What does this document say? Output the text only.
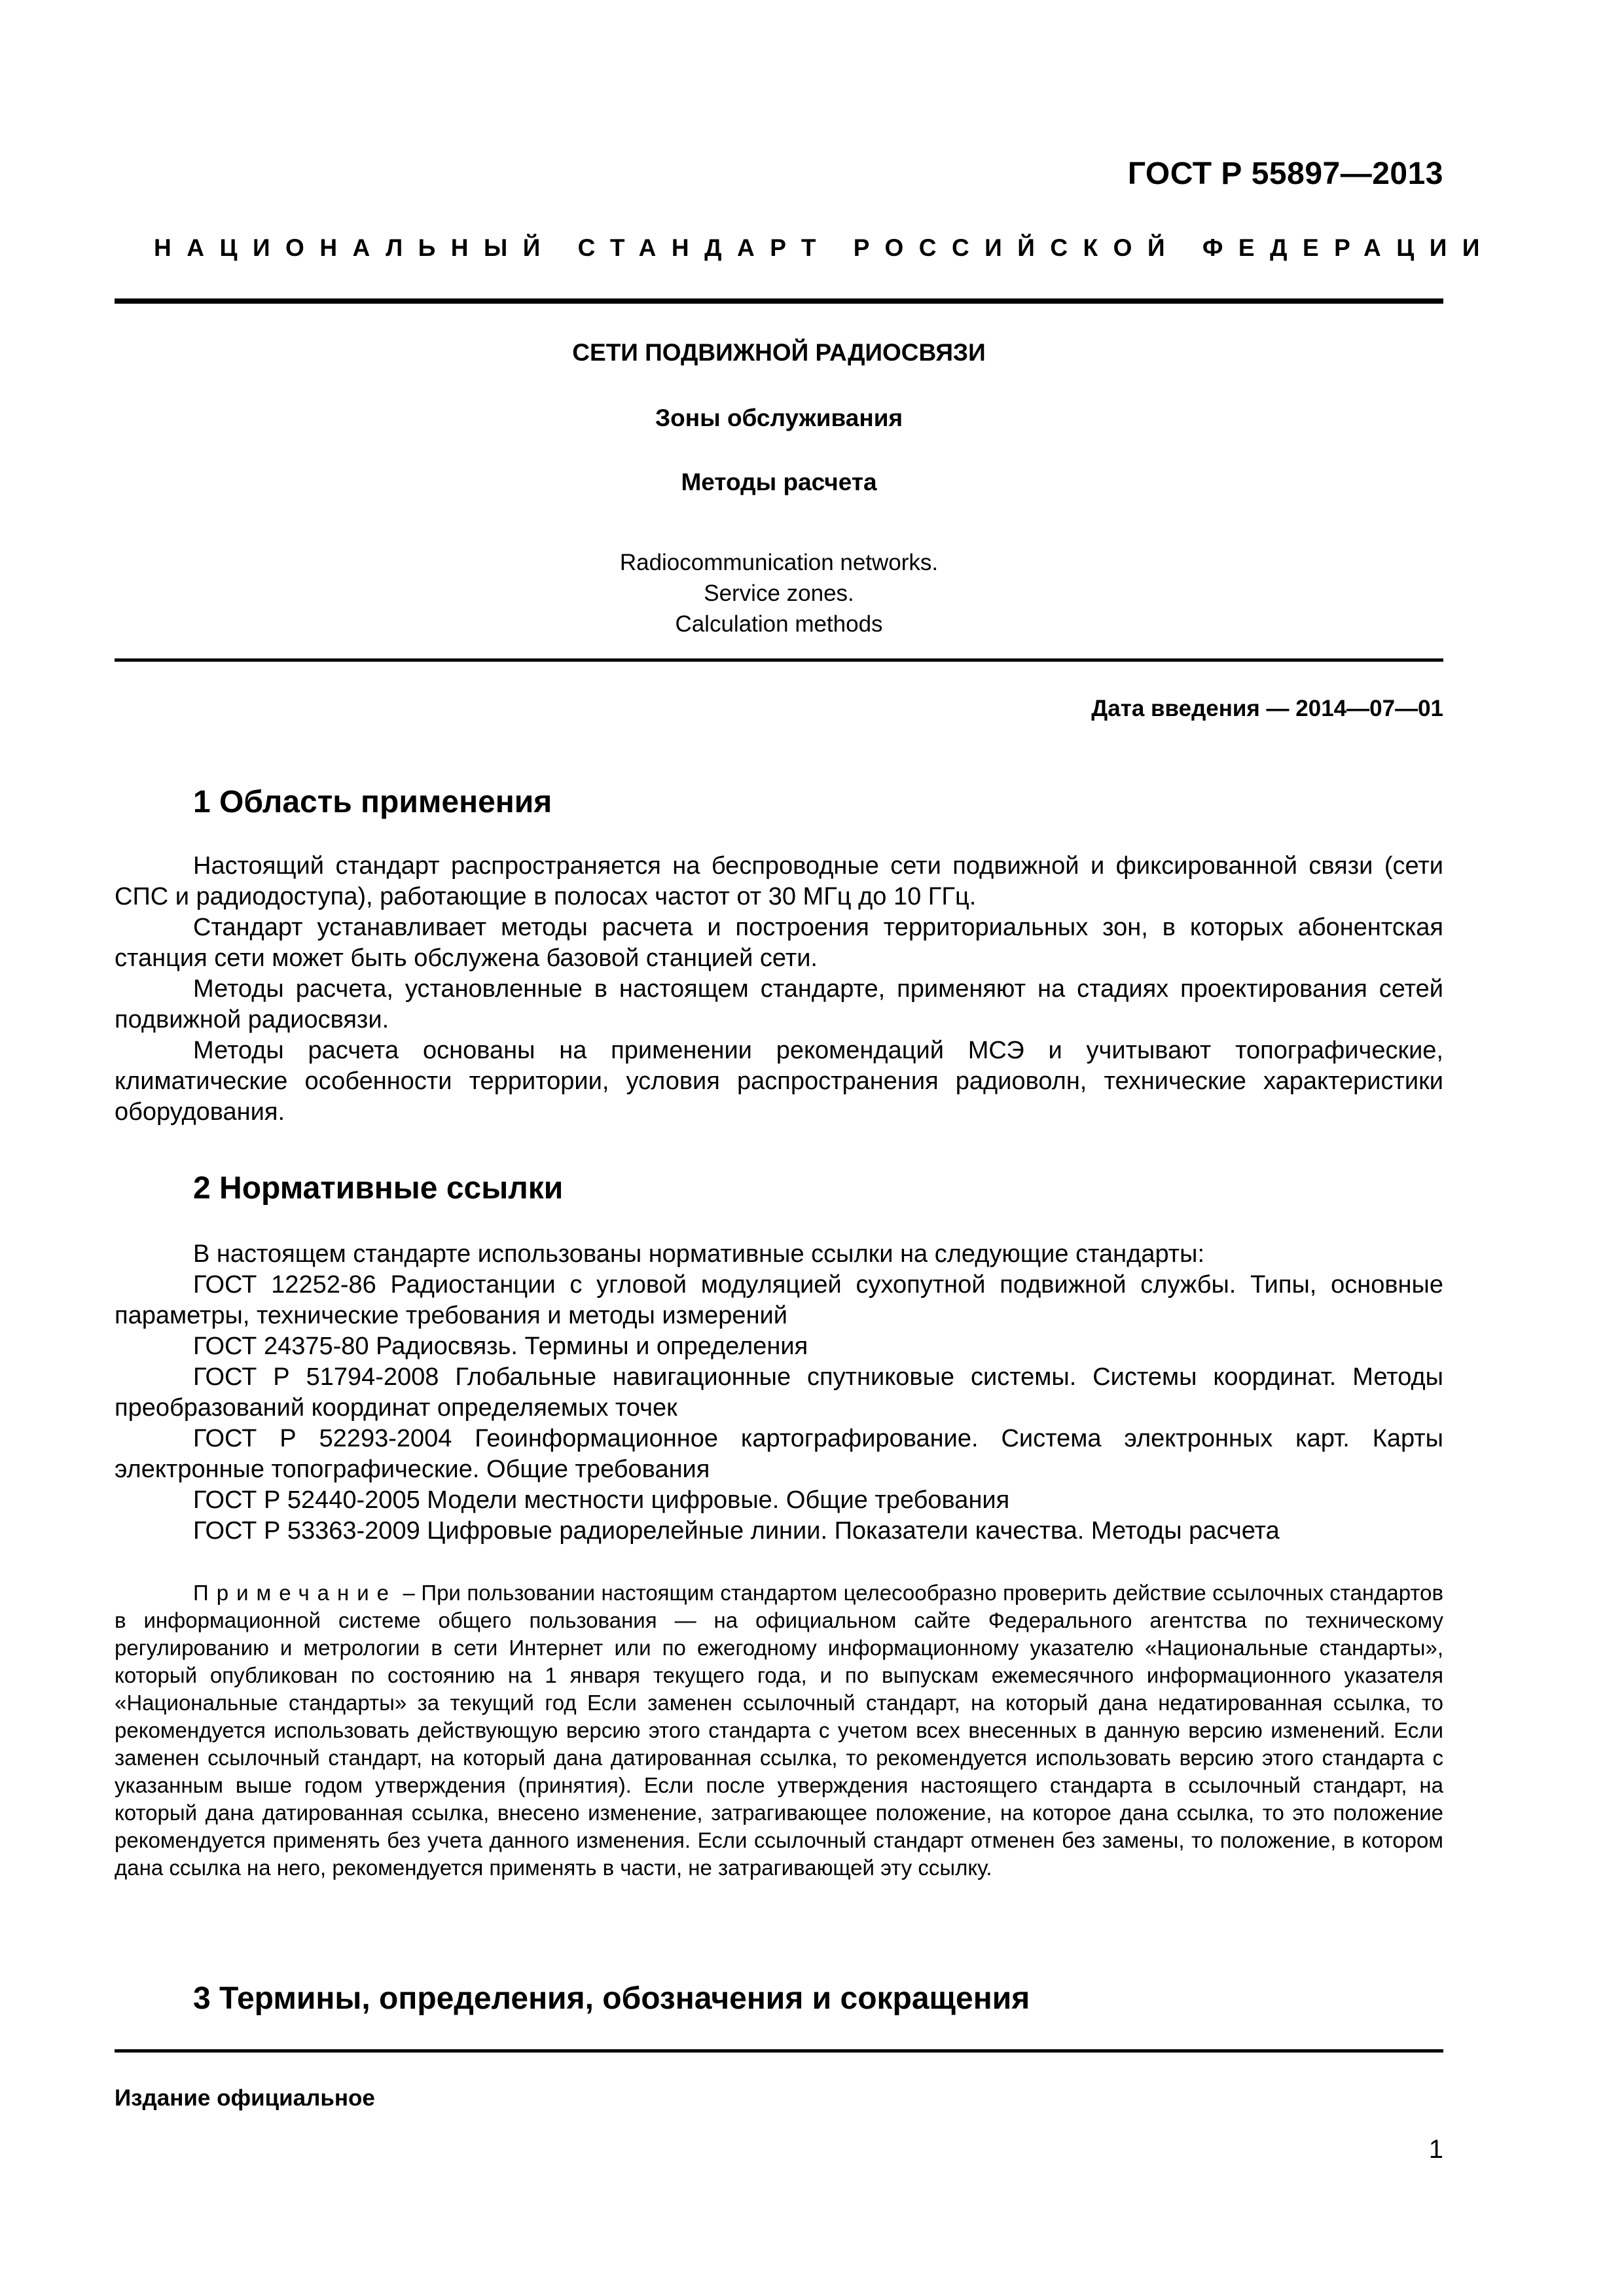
ГОСТ Р 55897—2013
НАЦИОНАЛЬНЫЙ СТАНДАРТ РОССИЙСКОЙ ФЕДЕРАЦИИ
СЕТИ ПОДВИЖНОЙ РАДИОСВЯЗИ
Зоны обслуживания
Методы расчета
Radiocommunication networks.
Service zones.
Calculation methods
Дата введения — 2014—07—01
1 Область применения

Настоящий стандарт распространяется на беспроводные сети подвижной и фиксированной связи (сети СПС и радиодоступа), работающие в полосах частот от 30 МГц до 10 ГГц.

Стандарт устанавливает методы расчета и построения территориальных зон, в которых абонентская станция сети может быть обслужена базовой станцией сети.

Методы расчета, установленные в настоящем стандарте, применяют на стадиях проектирования сетей подвижной радиосвязи.

Методы расчета основаны на применении рекомендаций МСЭ и учитывают топографические, климатические особенности территории, условия распространения радиоволн, технические характеристики оборудования.

2 Нормативные ссылки

В настоящем стандарте использованы нормативные ссылки на следующие стандарты:

ГОСТ 12252-86 Радиостанции с угловой модуляцией сухопутной подвижной службы. Типы, основные параметры, технические требования и методы измерений

ГОСТ 24375-80 Радиосвязь. Термины и определения

ГОСТ Р 51794-2008 Глобальные навигационные спутниковые системы. Системы координат. Методы преобразований координат определяемых точек

ГОСТ Р 52293-2004 Геоинформационное картографирование. Система электронных карт. Карты электронные топографические. Общие требования

ГОСТ Р 52440-2005 Модели местности цифровые. Общие требования

ГОСТ Р 53363-2009 Цифровые радиорелейные линии. Показатели качества. Методы расчета

Примечание – При пользовании настоящим стандартом целесообразно проверить действие ссылочных стандартов в информационной системе общего пользования — на официальном сайте Федерального агентства по техническому регулированию и метрологии в сети Интернет или по ежегодному информационному указателю «Национальные стандарты», который опубликован по состоянию на 1 января текущего года, и по выпускам ежемесячного информационного указателя «Национальные стандарты» за текущий год Если заменен ссылочный стандарт, на который дана недатированная ссылка, то рекомендуется использовать действующую версию этого стандарта с учетом всех внесенных в данную версию изменений. Если заменен ссылочный стандарт, на который дана датированная ссылка, то рекомендуется использовать версию этого стандарта с указанным выше годом утверждения (принятия). Если после утверждения настоящего стандарта в ссылочный стандарт, на который дана датированная ссылка, внесено изменение, затрагивающее положение, на которое дана ссылка, то это положение рекомендуется применять без учета данного изменения. Если ссылочный стандарт отменен без замены, то положение, в котором дана ссылка на него, рекомендуется применять в части, не затрагивающей эту ссылку.

3 Термины, определения, обозначения и сокращения
Издание официальное
1
